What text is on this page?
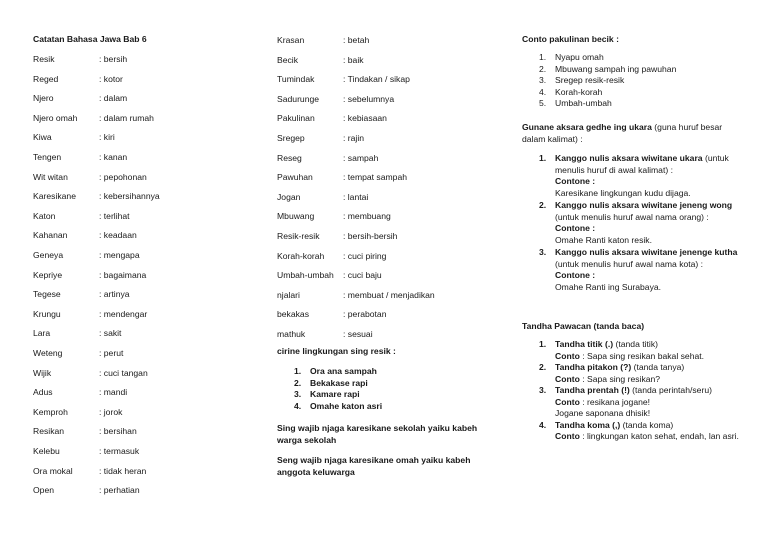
Catatan Bahasa Jawa Bab 6
Resik	: bersih
Reged	: kotor
Njero	: dalam
Njero omah	: dalam rumah
Kiwa	: kiri
Tengen	: kanan
Wit witan	: pepohonan
Karesikane	: kebersihannya
Katon	: terlihat
Kahanan	: keadaan
Geneya	: mengapa
Kepriye	: bagaimana
Tegese	: artinya
Krungu	: mendengar
Lara	: sakit
Weteng	: perut
Wijik	: cuci tangan
Adus	: mandi
Kemproh	: jorok
Resikan	: bersihan
Kelebu	: termasuk
Ora mokal	: tidak heran
Open	: perhatian
Krasan	: betah
Becik	: baik
Tumindak	: Tindakan / sikap
Sadurunge	: sebelumnya
Pakulinan	: kebiasaan
Sregep	: rajin
Reseg	: sampah
Pawuhan	: tempat sampah
Jogan	: lantai
Mbuwang	: membuang
Resik-resik	: bersih-bersih
Korah-korah : cuci piring
Umbah-umbah : cuci baju
njalari	: membuat / menjadikan
bekakas	: perabotan
mathuk	: sesuai
cirine lingkungan sing resik :
1. Ora ana sampah
2. Bekakase rapi
3. Kamare rapi
4. Omahe katon asri
Sing wajib njaga karesikane sekolah yaiku kabeh warga sekolah
Seng wajib njaga karesikane omah yaiku kabeh anggota keluwarga
Conto pakulinan becik :
1. Nyapu omah
2. Mbuwang sampah ing pawuhan
3. Sregep resik-resik
4. Korah-korah
5. Umbah-umbah
Gunane aksara gedhe ing ukara (guna huruf besar dalam kalimat) :
1. Kanggo nulis aksara wiwitane ukara (untuk menulis huruf di awal kalimat) :
Contone :
Karesikane lingkungan kudu dijaga.
2. Kanggo nulis aksara wiwitane jeneng wong (untuk menulis huruf awal nama orang) :
Contone :
Omahe Ranti katon resik.
3. Kanggo nulis aksara wiwitane jenenge kutha (untuk menulis huruf awal nama kota) :
Contone :
Omahe Ranti ing Surabaya.
Tandha Pawacan (tanda baca)
1. Tandha titik (.) (tanda titik)
Conto : Sapa sing resikan bakal sehat.
2. Tandha pitakon (?) (tanda tanya)
Conto : Sapa sing resikan?
3. Tandha prentah (!) (tanda perintah/seru)
Conto : resikana jogane!
Jogane saponana dhisik!
4. Tandha koma (,) (tanda koma)
Conto : lingkungan katon sehat, endah, lan asri.
